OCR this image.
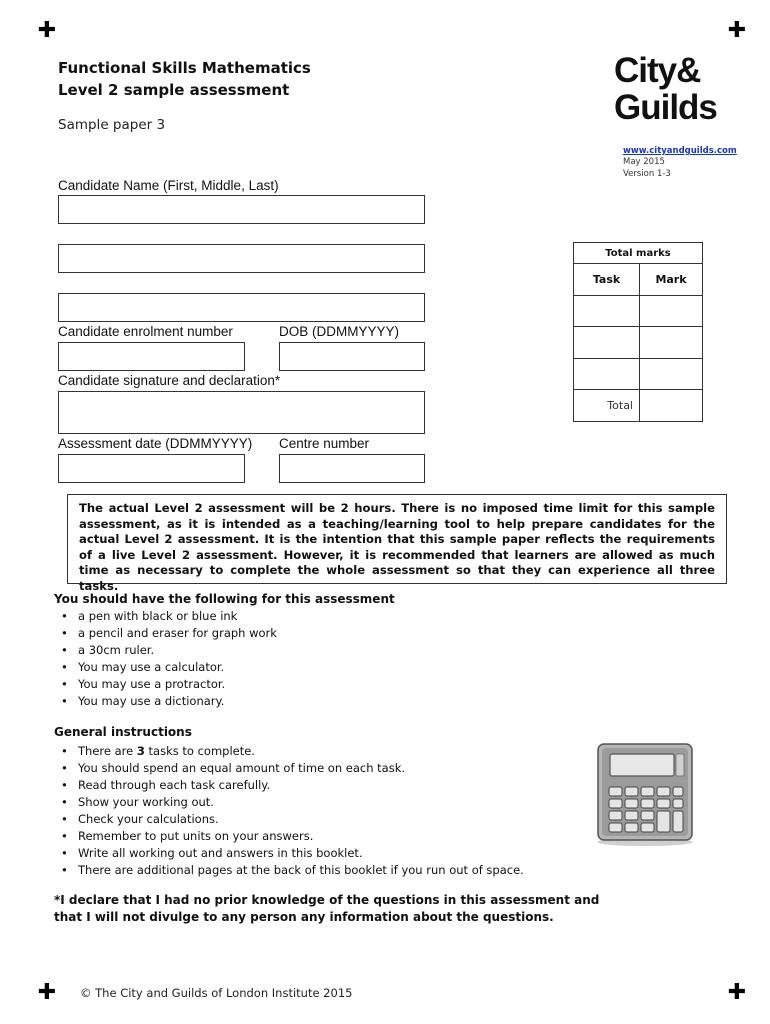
✚	✚
✚	✚
Functional Skills Mathematics
Level 2 sample assessment
Sample paper 3
City&
Guilds
www.cityandguilds.com
May 2015
Version 1-3
Candidate Name (First, Middle, Last)
Candidate enrolment number	DOB (DDMMYYYY)
Candidate signature and declaration*
Assessment date (DDMMYYYY) Centre number
Total marks	
Task	Mark

Total	
The actual Level 2 assessment will be 2 hours. There is no imposed time limit for this sample assessment, as it is intended as a teaching/learning tool to help prepare candidates for the actual Level 2 assessment. It is the intention that this sample paper reflects the requirements of a live Level 2 assessment. However, it is recommended that learners are allowed as much time as necessary to complete the whole assessment so that they can experience all three tasks.
You should have the following for this assessment
• a pen with black or blue ink
• a pencil and eraser for graph work
• a 30cm ruler.
• You may use a calculator.
• You may use a protractor.
• You may use a dictionary.
General instructions
• There are 3 tasks to complete.
• You should spend an equal amount of time on each task.
• Read through each task carefully.
• Show your working out.
• Check your calculations.
• Remember to put units on your answers.
• Write all working out and answers in this booklet.
• There are additional pages at the back of this booklet if you run out of space.
*I declare that I had no prior knowledge of the questions in this assessment and
that I will not divulge to any person any information about the questions.
© The City and Guilds of London Institute 2015
